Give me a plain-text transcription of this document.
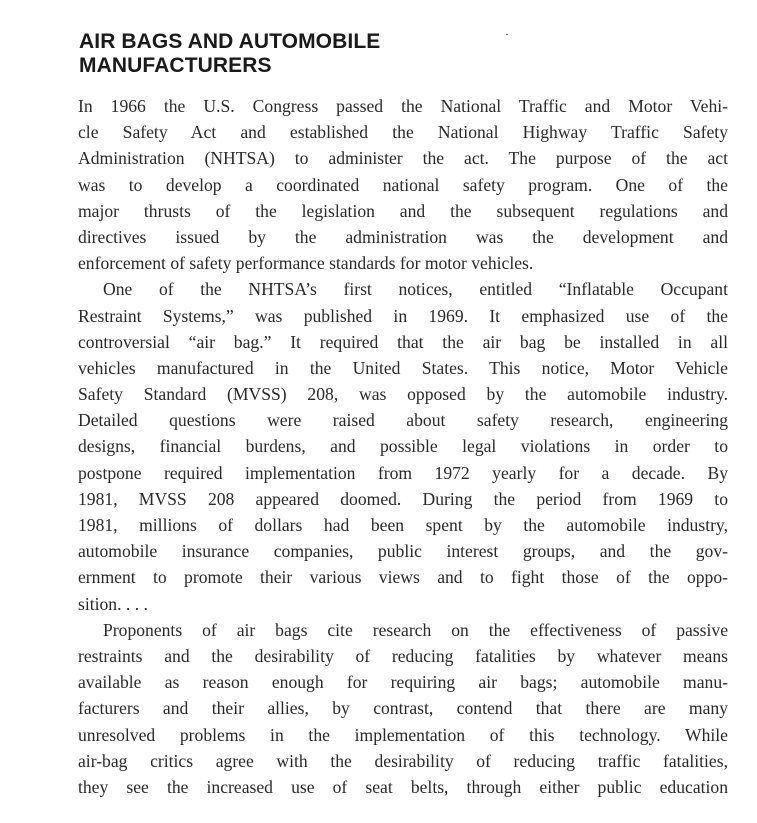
AIR BAGS AND AUTOMOBILE
MANUFACTURERS
In 1966 the U.S. Congress passed the National Traffic and Motor Vehi-
cle Safety Act and established the National Highway Traffic Safety
Administration (NHTSA) to administer the act. The purpose of the act
was to develop a coordinated national safety program. One of the
major thrusts of the legislation and the subsequent regulations and
directives issued by the administration was the development and
enforcement of safety performance standards for motor vehicles.
One of the NHTSA’s first notices, entitled “Inflatable Occupant
Restraint Systems,” was published in 1969. It emphasized use of the
controversial “air bag.” It required that the air bag be installed in all
vehicles manufactured in the United States. This notice, Motor Vehicle
Safety Standard (MVSS) 208, was opposed by the automobile industry.
Detailed questions were raised about safety research, engineering
designs, financial burdens, and possible legal violations in order to
postpone required implementation from 1972 yearly for a decade. By
1981, MVSS 208 appeared doomed. During the period from 1969 to
1981, millions of dollars had been spent by the automobile industry,
automobile insurance companies, public interest groups, and the gov-
ernment to promote their various views and to fight those of the oppo-
sition. . . .
Proponents of air bags cite research on the effectiveness of passive
restraints and the desirability of reducing fatalities by whatever means
available as reason enough for requiring air bags; automobile manu-
facturers and their allies, by contrast, contend that there are many
unresolved problems in the implementation of this technology. While
air-bag critics agree with the desirability of reducing traffic fatalities,
they see the increased use of seat belts, through either public education
